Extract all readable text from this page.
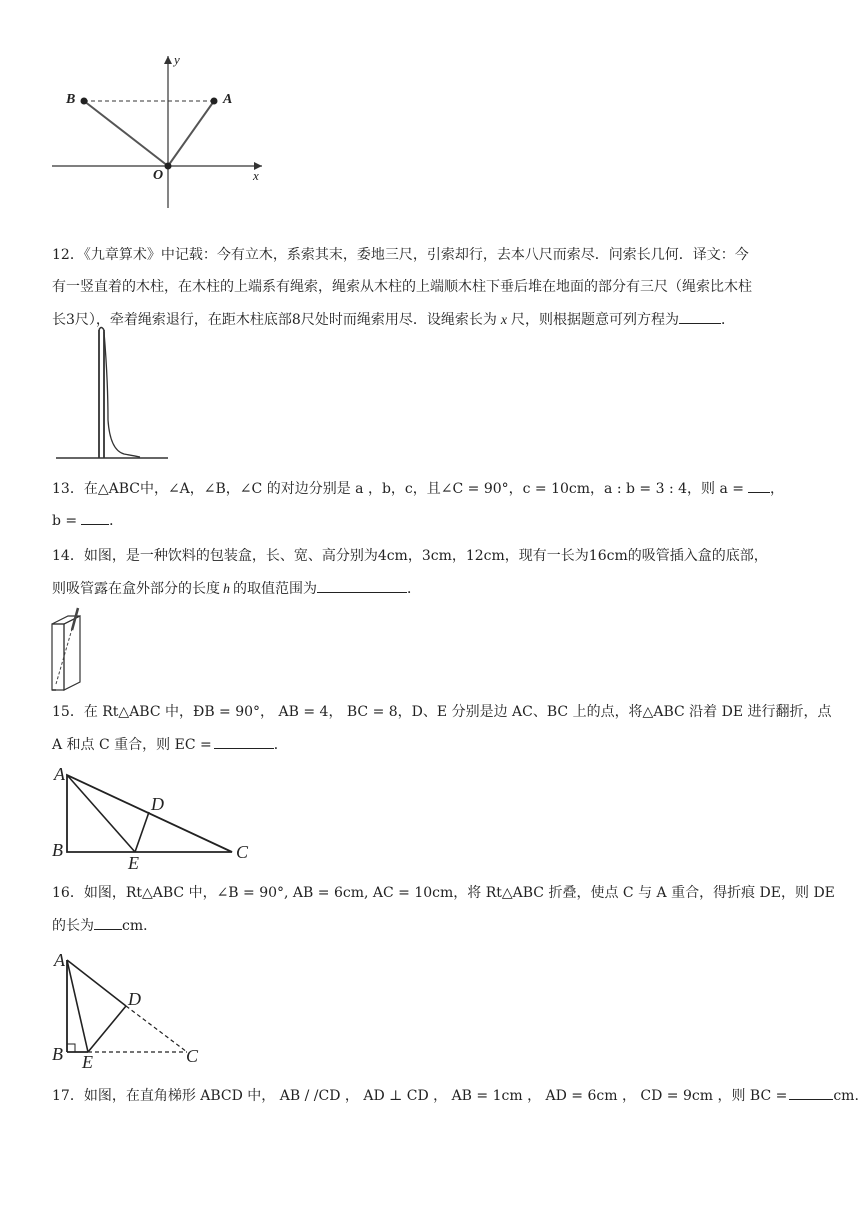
y
x
O
A
B
12．《九章算术》中记载：今有立木，系索其末，委地三尺，引索却行，去本八尺而索尽．问索长几何．译文：今
有一竖直着的木柱，在木柱的上端系有绳索，绳索从木柱的上端顺木柱下垂后堆在地面的部分有三尺（绳索比木柱
长3尺），牵着绳索退行，在距木柱底部8尺处时而绳索用尽．设绳索长为 x 尺，则根据题意可列方程为	．
13．在△ABC中，∠A，∠B，∠C 的对边分别是 a ，b，c，且∠C = 90°，c = 10cm，a : b = 3 : 4，则 a = ，
b = ．
14．如图，是一种饮料的包装盒，长、宽、高分别为4cm，3cm，12cm，现有一长为16cm的吸管插入盒的底部，
则吸管露在盒外部分的长度 h 的取值范围为	．
15．在 Rt△ABC 中，ÐB = 90°， AB = 4， BC = 8，D、E 分别是边 AC、BC 上的点，将△ABC 沿着 DE 进行翻折，点
A 和点 C 重合，则 EC =	．
A
B	C
D
E
16．如图，Rt△ABC 中，∠B = 90°, AB = 6cm, AC = 10cm，将 Rt△ABC 折叠，使点 C 与 A 重合，得折痕 DE，则 DE
的长为 cm．
A
B	C
D
E
17．如图，在直角梯形 ABCD 中， AB / /CD ， AD ⊥ CD ， AB = 1cm ， AD = 6cm ， CD = 9cm ，则 BC =	cm.
